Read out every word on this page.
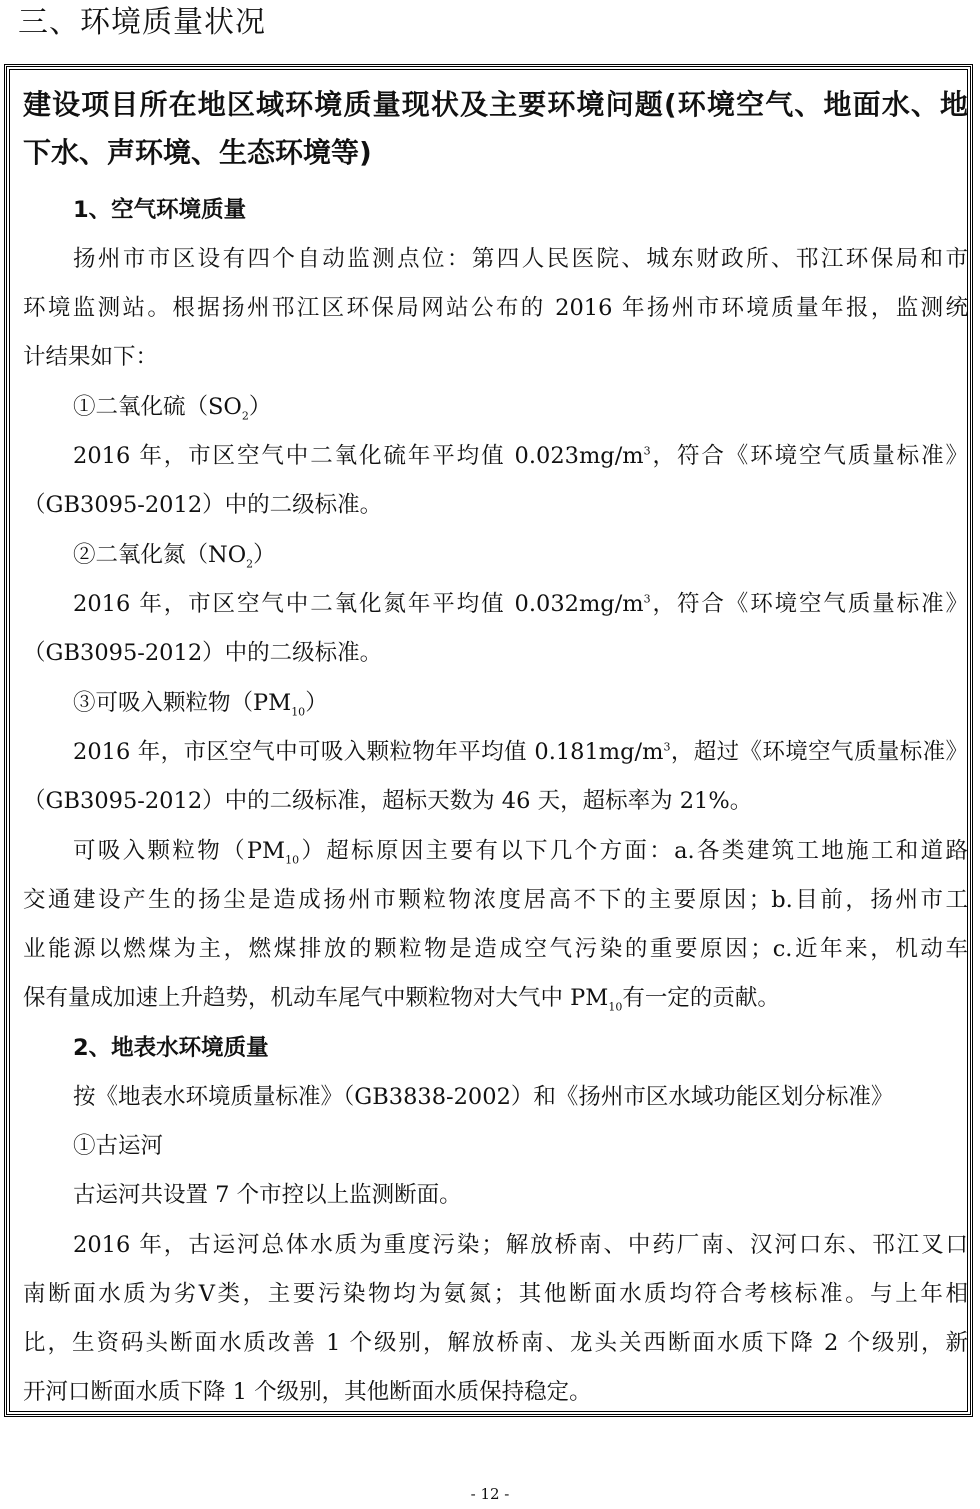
三、环境质量状况
建设项目所在地区域环境质量现状及主要环境问题(环境空气、地面水、地
下水、声环境、生态环境等)
1、空气环境质量
扬州市市区设有四个自动监测点位：第四人民医院、城东财政所、邗江环保局和市
环境监测站。根据扬州邗江区环保局网站公布的 2016 年扬州市环境质量年报，监测统
计结果如下：
①二氧化硫$(SO_2)$
2016 年，市区空气中二氧化硫年平均值 $0.023mg/m^3$，符合《环境空气质量标准》
（GB3095-2012）中的二级标准。
②二氧化氮$(NO_2)$
2016 年，市区空气中二氧化氮年平均值 $0.032mg/m^3$，符合《环境空气质量标准》
（GB3095-2012）中的二级标准。
③可吸入颗粒物$(PM_{10})$
2016 年，市区空气中可吸入颗粒物年平均值 $0.181mg/m^3$，超过《环境空气质量标准》
（GB3095-2012）中的二级标准，超标天数为 46 天，超标率为 21%。
可吸入颗粒物$(PM_{10})$超标原因主要有以下几个方面：a.各类建筑工地施工和道路
交通建设产生的扬尘是造成扬州市颗粒物浓度居高不下的主要原因；b.目前，扬州市工
业能源以燃煤为主，燃煤排放的颗粒物是造成空气污染的重要原因；c.近年来，机动车
保有量成加速上升趋势，机动车尾气中颗粒物对大气中 $PM_{10}$有一定的贡献。
2、地表水环境质量
按《地表水环境质量标准》（GB3838-2002）和《扬州市区水域功能区划分标准》
①古运河
古运河共设置 7 个市控以上监测断面。
2016 年，古运河总体水质为重度污染；解放桥南、中药厂南、汉河口东、邗江叉口
南断面水质为劣Ⅴ类，主要污染物均为氨氮；其他断面水质均符合考核标准。与上年相
比，生资码头断面水质改善 1 个级别，解放桥南、龙头关西断面水质下降 2 个级别，新
开河口断面水质下降 1 个级别，其他断面水质保持稳定。
- 12 -
